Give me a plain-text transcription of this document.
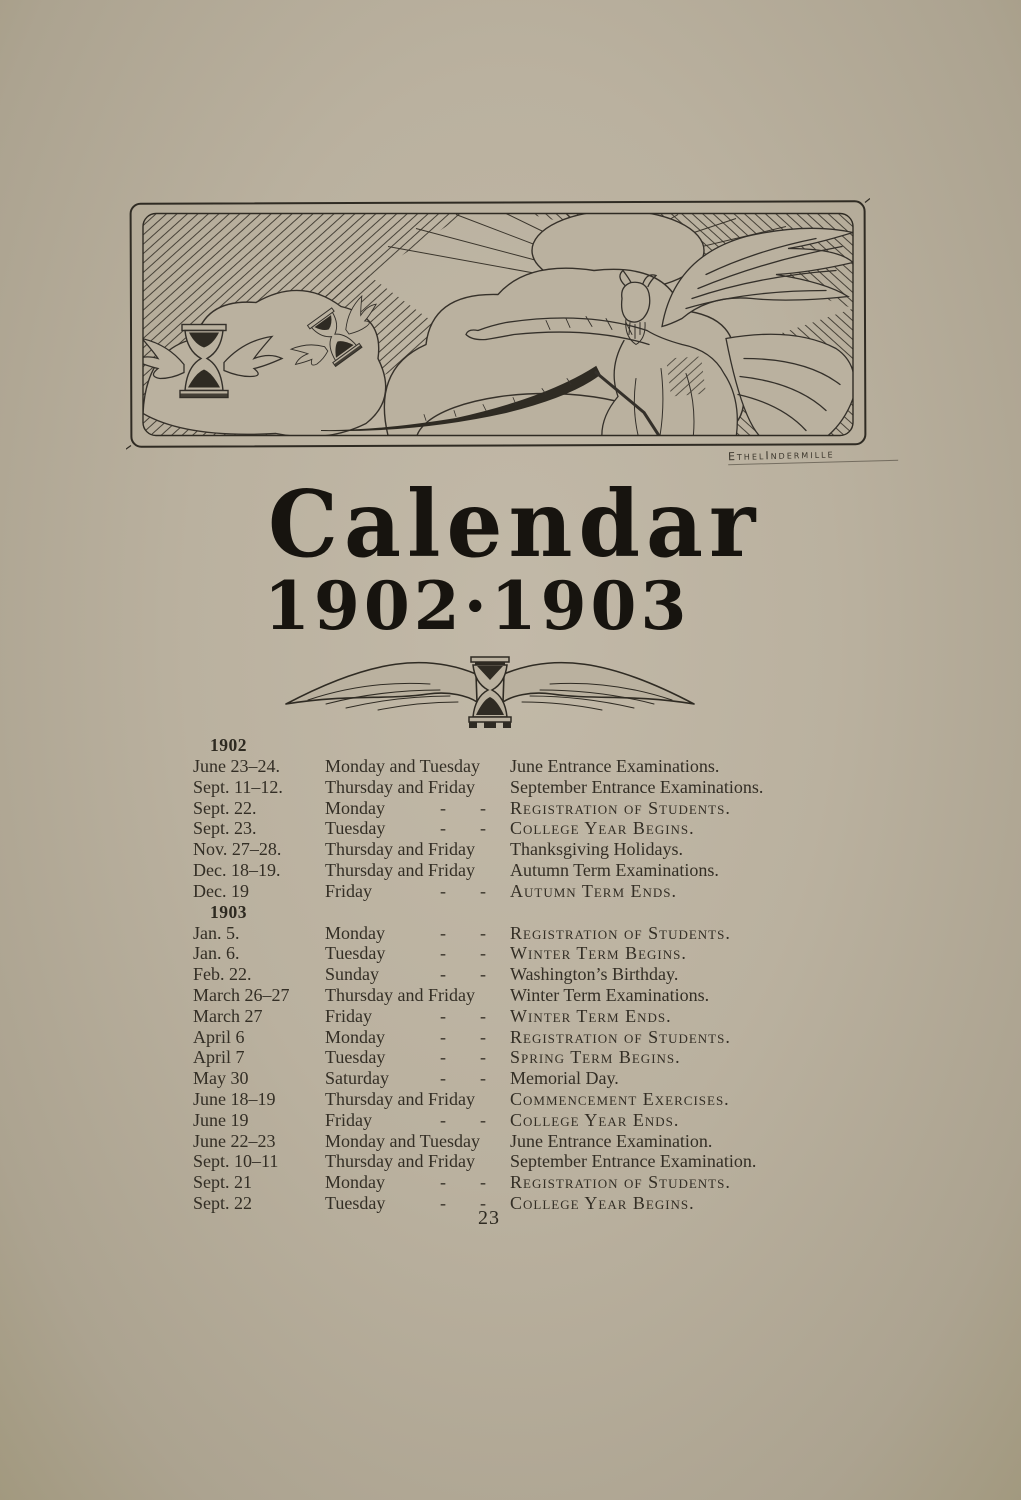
EthelIndermille
Calendar
1902·1903
1902
June 23–24.	Monday and Tuesday	June Entrance Examinations.
Sept. 11–12.	Thursday and Friday	September Entrance Examinations.
Sept. 22.	Monday	- - Registration of Students.
Sept. 23.	Tuesday	- - College Year Begins.
Nov. 27–28.	Thursday and Friday	Thanksgiving Holidays.
Dec. 18–19.	Thursday and Friday	Autumn Term Examinations.
Dec. 19	Friday	- - Autumn Term Ends.
1903
Jan. 5.	Monday	- - Registration of Students.
Jan. 6.	Tuesday	- - Winter Term Begins.
Feb. 22.	Sunday	- - Washington’s Birthday.
March 26–27	Thursday and Friday	Winter Term Examinations.
March 27	Friday	- - Winter Term Ends.
April 6	Monday	- - Registration of Students.
April 7	Tuesday	- - Spring Term Begins.
May 30	Saturday	- - Memorial Day.
June 18–19	Thursday and Friday	Commencement Exercises.
June 19	Friday	- - College Year Ends.
June 22–23	Monday and Tuesday	June Entrance Examination.
Sept. 10–11	Thursday and Friday	September Entrance Examination.
Sept. 21	Monday	- - Registration of Students.
Sept. 22	Tuesday	- - College Year Begins.
23
